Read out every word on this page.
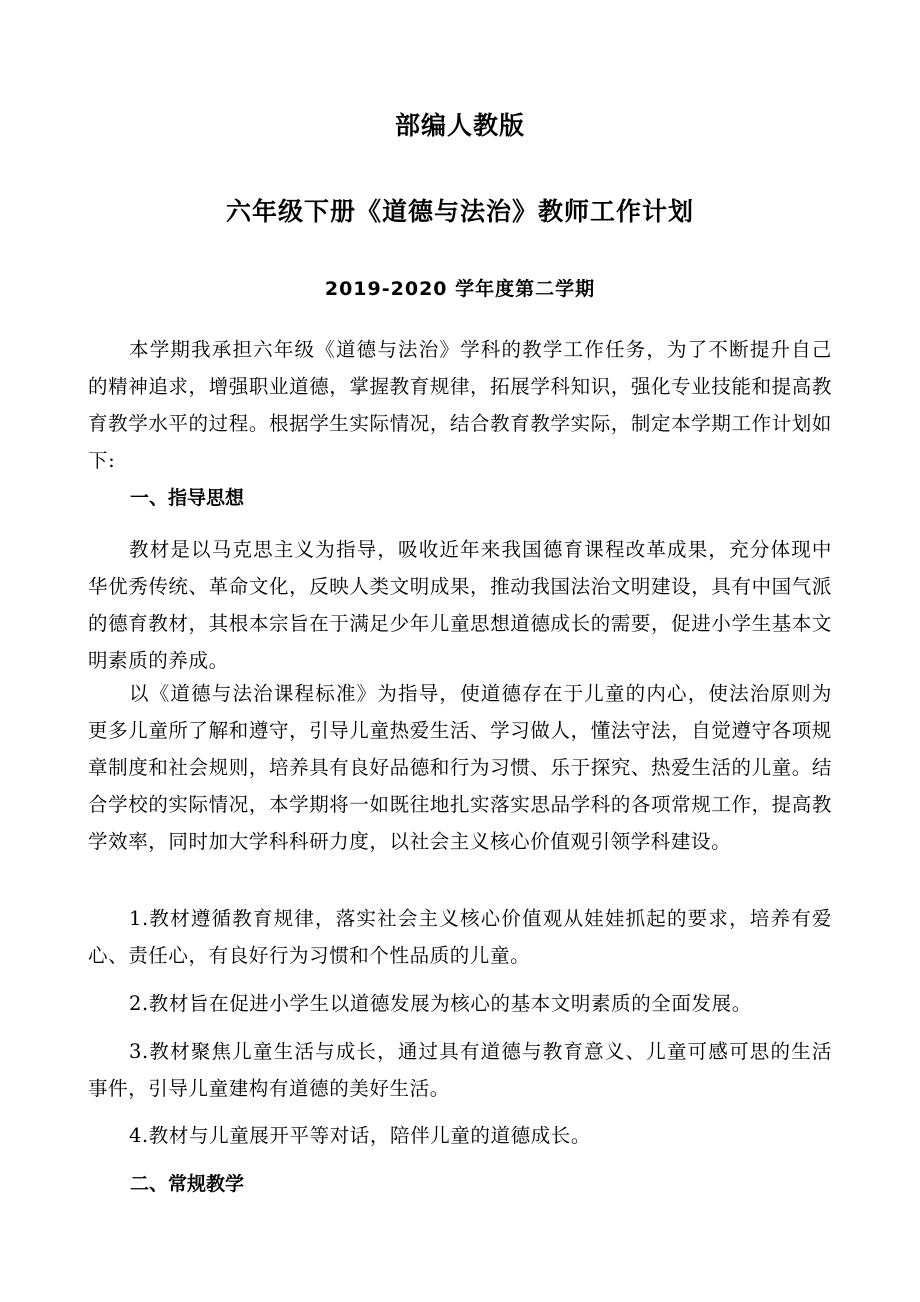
部编人教版
六年级下册《道德与法治》教师工作计划
2019-2020 学年度第二学期

本学期我承担六年级《道德与法治》学科的教学工作任务，为了不断提升自己的精神追求，增强职业道德，掌握教育规律，拓展学科知识，强化专业技能和提高教育教学水平的过程。根据学生实际情况，结合教育教学实际，制定本学期工作计划如下:

一、指导思想

教材是以马克思主义为指导，吸收近年来我国德育课程改革成果，充分体现中华优秀传统、革命文化，反映人类文明成果，推动我国法治文明建设，具有中国气派的德育教材，其根本宗旨在于满足少年儿童思想道德成长的需要，促进小学生基本文明素质的养成。

以《道德与法治课程标准》为指导，使道德存在于儿童的内心，使法治原则为更多儿童所了解和遵守，引导儿童热爱生活、学习做人，懂法守法，自觉遵守各项规章制度和社会规则，培养具有良好品德和行为习惯、乐于探究、热爱生活的儿童。结合学校的实际情况，本学期将一如既往地扎实落实思品学科的各项常规工作，提高教学效率，同时加大学科科研力度，以社会主义核心价值观引领学科建设。

1.教材遵循教育规律，落实社会主义核心价值观从娃娃抓起的要求，培养有爱心、责任心，有良好行为习惯和个性品质的儿童。

2.教材旨在促进小学生以道德发展为核心的基本文明素质的全面发展。

3.教材聚焦儿童生活与成长，通过具有道德与教育意义、儿童可感可思的生活事件，引导儿童建构有道德的美好生活。

4.教材与儿童展开平等对话，陪伴儿童的道德成长。

二、常规教学
